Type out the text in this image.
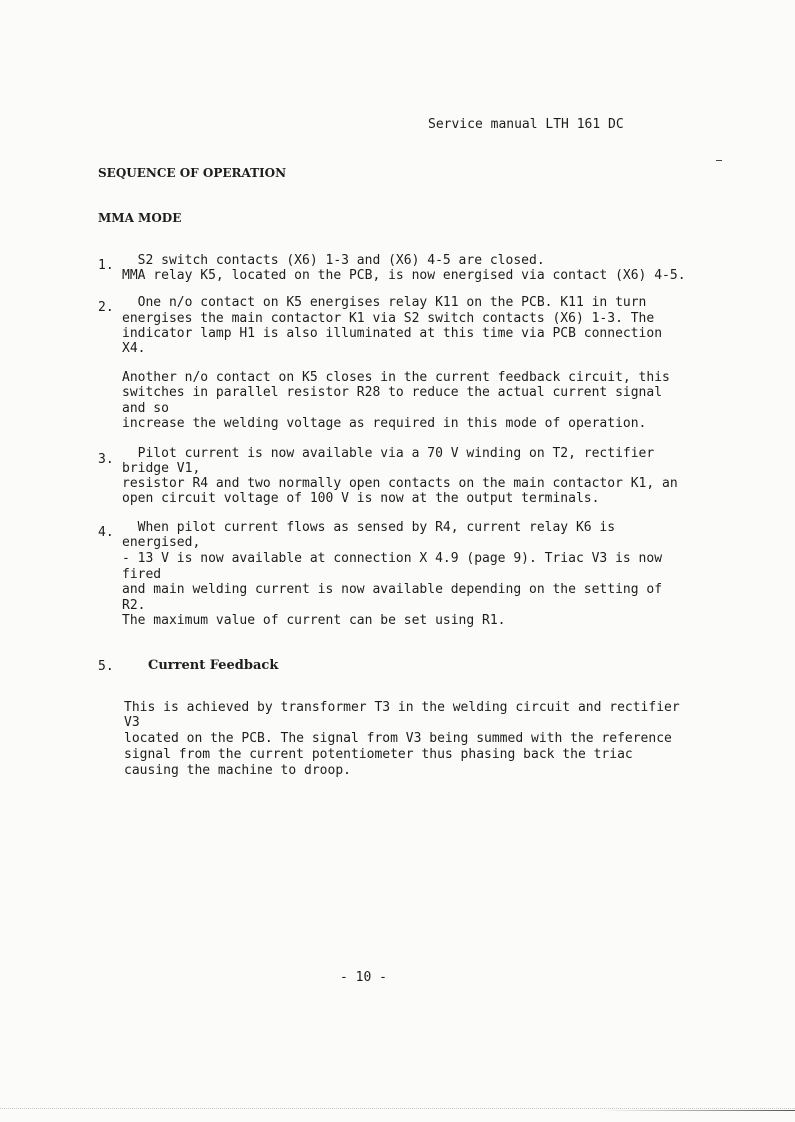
Service manual LTH 161 DC
SEQUENCE OF OPERATION
MMA MODE
1. S2 switch contacts (X6) 1-3 and (X6) 4-5 are closed.
MMA relay K5, located on the PCB, is now energised via contact (X6) 4-5.
2. One n/o contact on K5 energises relay K11 on the PCB. K11 in turn
energises the main contactor K1 via S2 switch contacts (X6) 1-3. The
indicator lamp H1 is also illuminated at this time via PCB connection
X4.
Another n/o contact on K5 closes in the current feedback circuit, this
switches in parallel resistor R28 to reduce the actual current signal
and so
increase the welding voltage as required in this mode of operation.
3. Pilot current is now available via a 70 V winding on T2, rectifier
bridge V1,
resistor R4 and two normally open contacts on the main contactor K1, an
open circuit voltage of 100 V is now at the output terminals.
4. When pilot current flows as sensed by R4, current relay K6 is
energised,
- 13 V is now available at connection X 4.9 (page 9). Triac V3 is now
fired
and main welding current is now available depending on the setting of
R2.
The maximum value of current can be set using R1.
5.	Current Feedback
This is achieved by transformer T3 in the welding circuit and rectifier
V3
located on the PCB. The signal from V3 being summed with the reference
signal from the current potentiometer thus phasing back the triac
causing the machine to droop.
- 10 -
